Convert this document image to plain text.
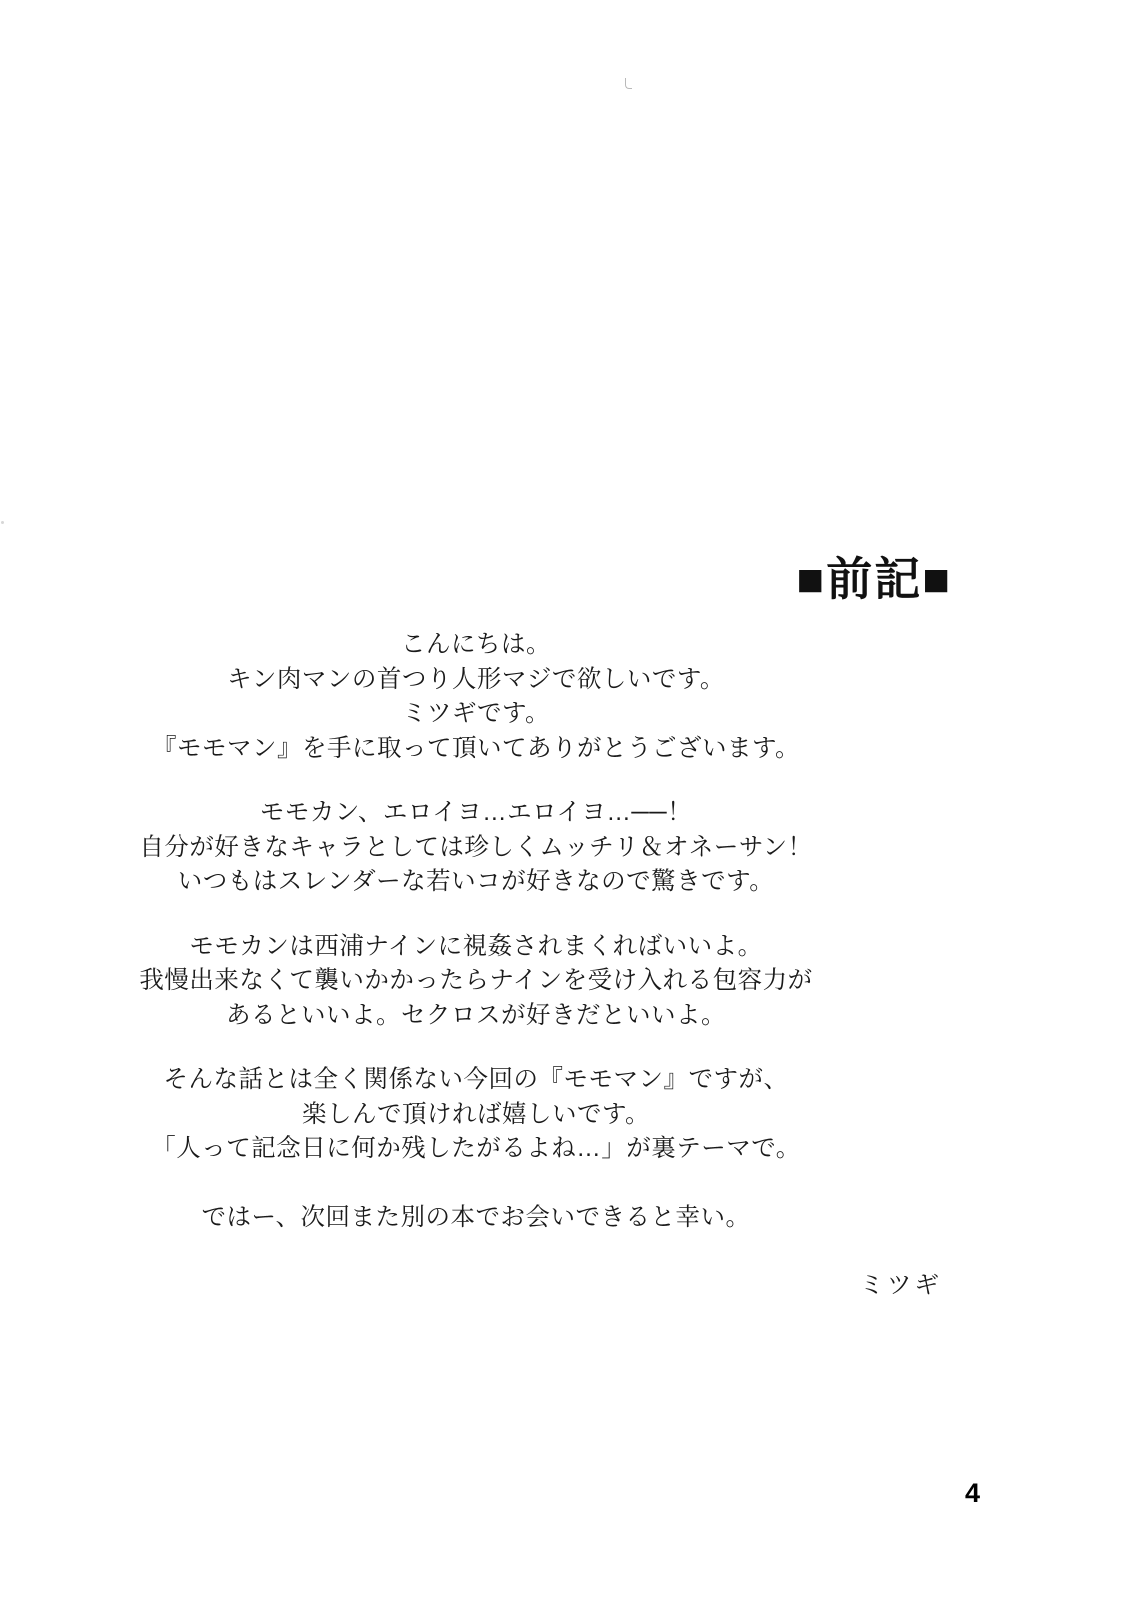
■前記■

こんにちは。
キン肉マンの首つり人形マジで欲しいです。
ミツギです。
『モモマン』を手に取って頂いてありがとうございます。

モモカン、エロイヨ…エロイヨ…──！
自分が好きなキャラとしては珍しくムッチリ＆オネーサン！
いつもはスレンダーな若いコが好きなので驚きです。

モモカンは西浦ナインに視姦されまくればいいよ。
我慢出来なくて襲いかかったらナインを受け入れる包容力が
あるといいよ。セクロスが好きだといいよ。

そんな話とは全く関係ない今回の『モモマン』ですが、
楽しんで頂ければ嬉しいです。
「人って記念日に何か残したがるよね…」が裏テーマで。

ではー、次回また別の本でお会いできると幸い。

ミツギ

4
